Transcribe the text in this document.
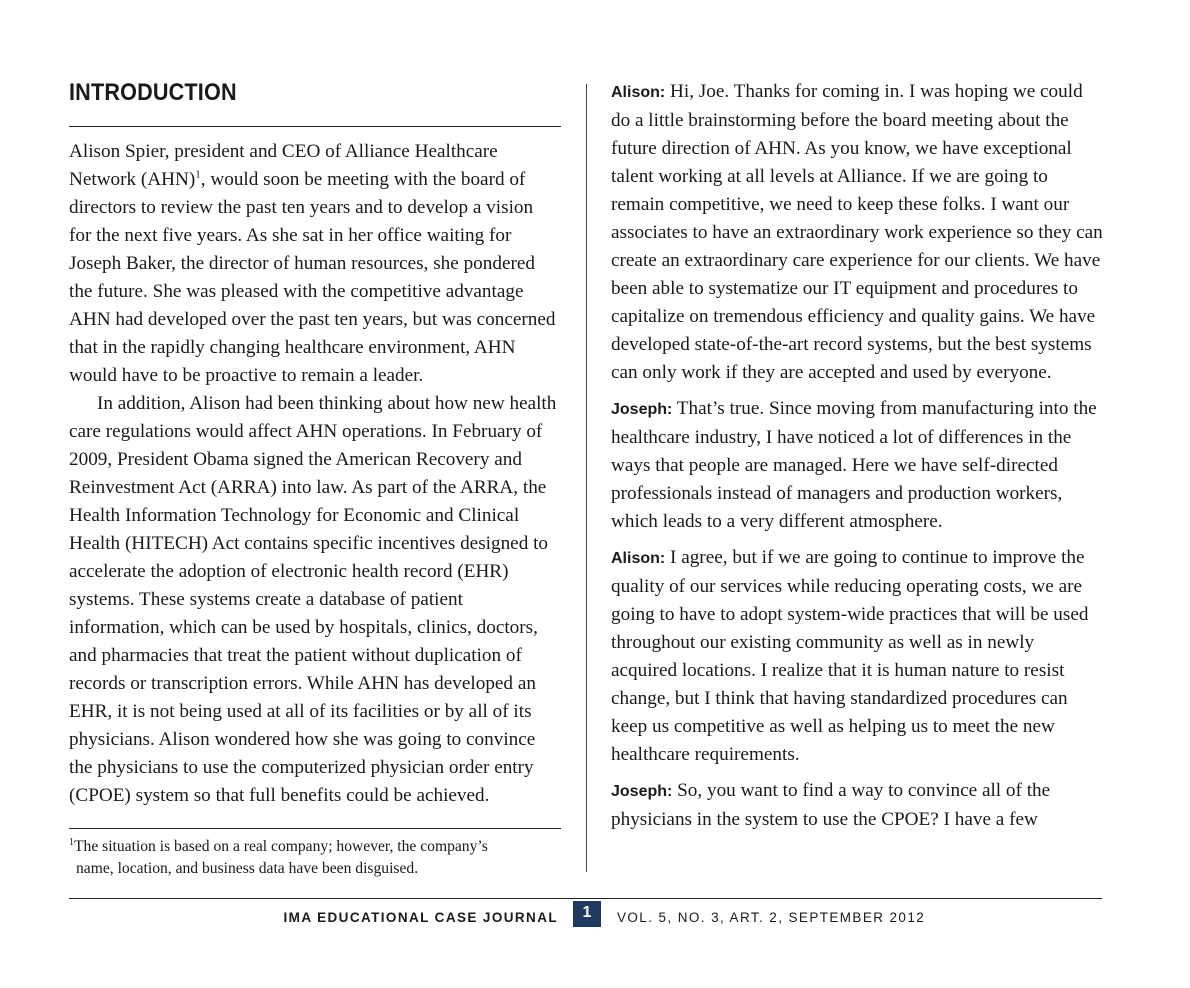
INTRODUCTION

Alison Spier, president and CEO of Alliance Healthcare Network (AHN)$^1$, would soon be meeting with the board of directors to review the past ten years and to develop a vision for the next five years. As she sat in her office waiting for Joseph Baker, the director of human resources, she pondered the future. She was pleased with the competitive advantage AHN had developed over the past ten years, but was concerned that in the rapidly changing healthcare environment, AHN would have to be proactive to remain a leader.

In addition, Alison had been thinking about how new health care regulations would affect AHN operations. In February of 2009, President Obama signed the American Recovery and Reinvestment Act (ARRA) into law. As part of the ARRA, the Health Information Technology for Economic and Clinical Health (HITECH) Act contains specific incentives designed to accelerate the adoption of electronic health record (EHR) systems. These systems create a database of patient information, which can be used by hospitals, clinics, doctors, and pharmacies that treat the patient without duplication of records or transcription errors. While AHN has developed an EHR, it is not being used at all of its facilities or by all of its physicians. Alison wondered how she was going to convince the physicians to use the computerized physician order entry (CPOE) system so that full benefits could be achieved.

$^1$The situation is based on a real company; however, the company’s
name, location, and business data have been disguised.

Alison: Hi, Joe. Thanks for coming in. I was hoping we could do a little brainstorming before the board meeting about the future direction of AHN. As you know, we have exceptional talent working at all levels at Alliance. If we are going to remain competitive, we need to keep these folks. I want our associates to have an extraordinary work experience so they can create an extraordinary care experience for our clients. We have been able to systematize our IT equipment and procedures to capitalize on tremendous efficiency and quality gains. We have developed state-of-the-art record systems, but the best systems can only work if they are accepted and used by everyone.

Joseph: That’s true. Since moving from manufacturing into the healthcare industry, I have noticed a lot of differences in the ways that people are managed. Here we have self-directed professionals instead of managers and production workers, which leads to a very different atmosphere.

Alison: I agree, but if we are going to continue to improve the quality of our services while reducing operating costs, we are going to have to adopt system-wide practices that will be used throughout our existing community as well as in newly acquired locations. I realize that it is human nature to resist change, but I think that having standardized procedures can keep us competitive as well as helping us to meet the new healthcare requirements.

Joseph: So, you want to find a way to convince all of the physicians in the system to use the CPOE? I have a few

IMA EDUCATIONAL CASE JOURNAL	1	VOL. 5, NO. 3, ART. 2, SEPTEMBER 2012
